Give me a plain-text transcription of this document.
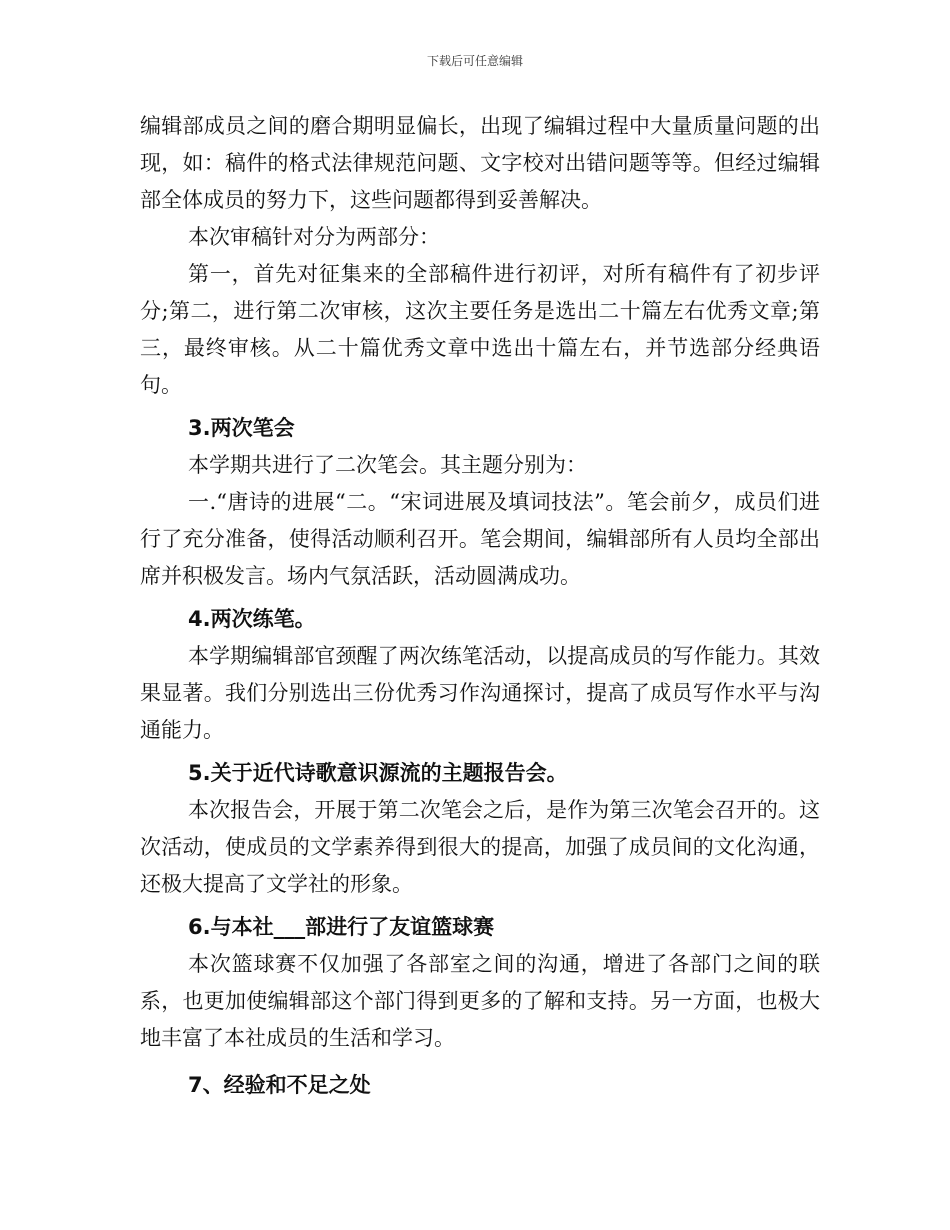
下载后可任意编辑

编辑部成员之间的磨合期明显偏长，出现了编辑过程中大量质量问题的出现，如：稿件的格式法律规范问题、文字校对出错问题等等。但经过编辑部全体成员的努力下，这些问题都得到妥善解决。

本次审稿针对分为两部分：

第一，首先对征集来的全部稿件进行初评，对所有稿件有了初步评分;第二，进行第二次审核，这次主要任务是选出二十篇左右优秀文章;第三，最终审核。从二十篇优秀文章中选出十篇左右，并节选部分经典语句。

3.两次笔会

本学期共进行了二次笔会。其主题分别为：

一.“唐诗的进展“二。“宋词进展及填词技法”。笔会前夕，成员们进行了充分准备，使得活动顺利召开。笔会期间，编辑部所有人员均全部出席并积极发言。场内气氛活跃，活动圆满成功。

4.两次练笔。

本学期编辑部官颈醒了两次练笔活动，以提高成员的写作能力。其效果显著。我们分别选出三份优秀习作沟通探讨，提高了成员写作水平与沟通能力。

5.关于近代诗歌意识源流的主题报告会。

本次报告会，开展于第二次笔会之后，是作为第三次笔会召开的。这次活动，使成员的文学素养得到很大的提高，加强了成员间的文化沟通，还极大提高了文学社的形象。

6.与本社___部进行了友谊篮球赛

本次篮球赛不仅加强了各部室之间的沟通，增进了各部门之间的联系，也更加使编辑部这个部门得到更多的了解和支持。另一方面，也极大地丰富了本社成员的生活和学习。

7、经验和不足之处
